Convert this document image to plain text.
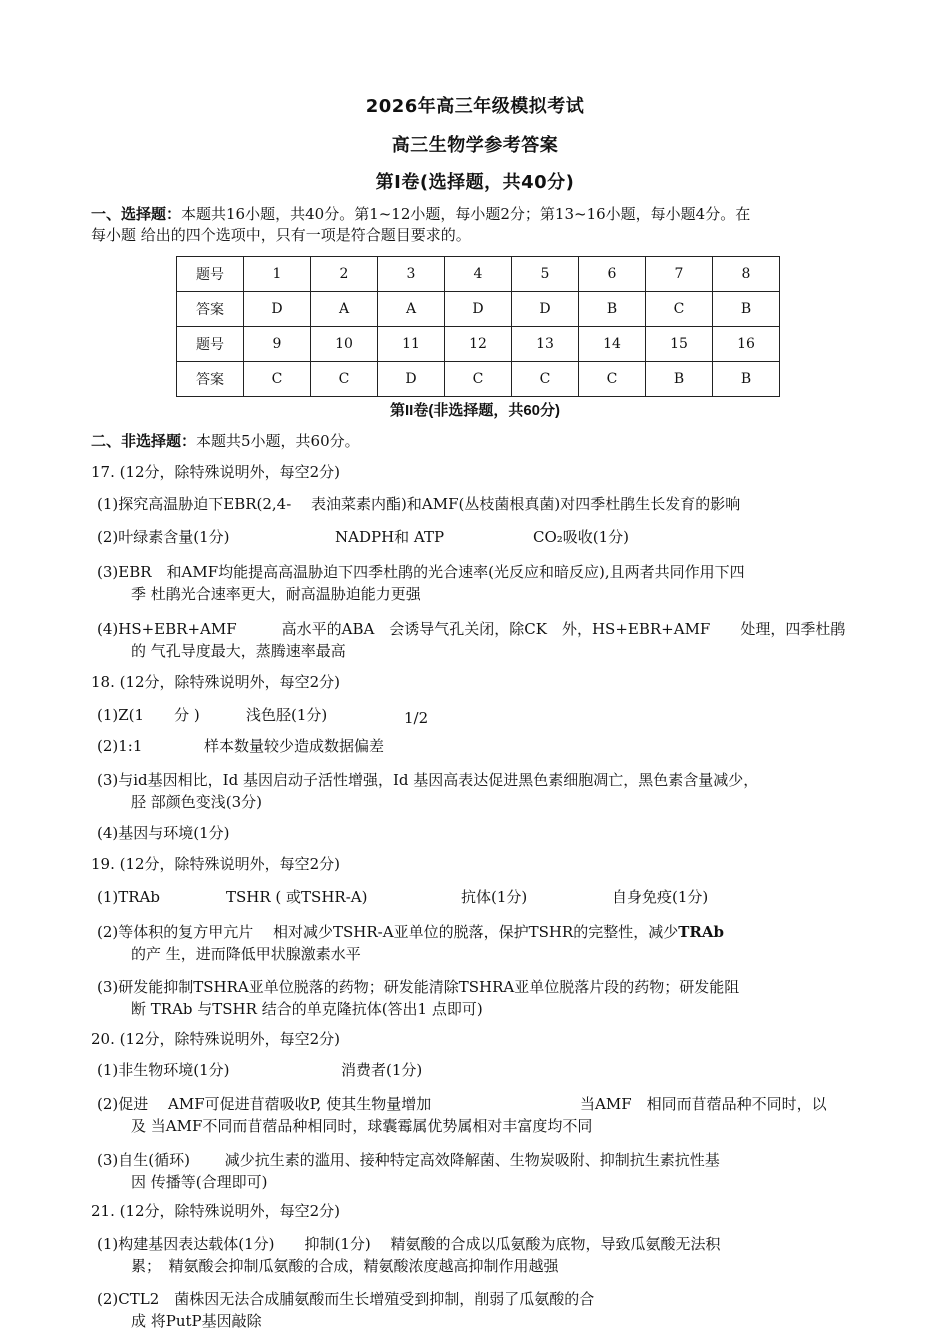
2026年高三年级模拟考试
高三生物学参考答案
第I卷(选择题，共40分)
一、选择题：本题共16小题，共40分。第1~12小题，每小题2分；第13~16小题，每小题4分。在
每小题 给出的四个选项中，只有一项是符合题目要求的。
题号	1	2	3	4	5	6	7	8
答案	D	A	A	D	D	B	C	B
题号	9	10	11	12	13	14	15	16
答案	C	C	D	C	C	C	B	B
第II卷(非选择题，共60分)
二、非选择题：本题共5小题，共60分。
17. (12分，除特殊说明外，每空2分)
(1)探究高温胁迫下EBR(2,4-　 表油菜素内酯)和AMF(丛枝菌根真菌)对四季杜鹃生长发育的影响
(2)叶绿素含量(1分)	NADPH和 ATP	CO₂吸收(1分)
(3)EBR　和AMF均能提高高温胁迫下四季杜鹃的光合速率(光反应和暗反应),且两者共同作用下四
季 杜鹃光合速率更大，耐高温胁迫能力更强
(4)HS+EBR+AMF　　　高水平的ABA　会诱导气孔关闭，除CK　外，HS+EBR+AMF　　处理，四季杜鹃
的 气孔导度最大，蒸腾速率最高
18. (12分，除特殊说明外，每空2分)
(1)Z(1　　分 )	浅色胫(1分)	1/2
(2)1:1	样本数量较少造成数据偏差
(3)与id基因相比，Id 基因启动子活性增强，Id 基因高表达促进黑色素细胞凋亡，黑色素含量减少，
胫 部颜色变浅(3分)
(4)基因与环境(1分)
19. (12分，除特殊说明外，每空2分)
(1)TRAb	TSHR ( 或TSHR-A)	抗体(1分)	自身免疫(1分)
(2)等体积的复方甲亢片　 相对减少TSHR-A亚单位的脱落，保护TSHR的完整性，减少TRAb
的产 生，进而降低甲状腺激素水平
(3)研发能抑制TSHRA亚单位脱落的药物；研发能清除TSHRA亚单位脱落片段的药物；研发能阻
断 TRAb 与TSHR 结合的单克隆抗体(答出1 点即可)
20. (12分，除特殊说明外，每空2分)
(1)非生物环境(1分)	消费者(1分)
(2)促进　 AMF可促进苜蓿吸收P, 使其生物量增加	当AMF　相同而苜蓿品种不同时，以
及 当AMF不同而苜蓿品种相同时，球囊霉属优势属相对丰富度均不同
(3)自生(循环)　　 减少抗生素的滥用、接种特定高效降解菌、生物炭吸附、抑制抗生素抗性基
因 传播等(合理即可)
21. (12分，除特殊说明外，每空2分)
(1)构建基因表达载体(1分)　　抑制(1分)　 精氨酸的合成以瓜氨酸为底物，导致瓜氨酸无法积
累；　精氨酸会抑制瓜氨酸的合成，精氨酸浓度越高抑制作用越强
(2)CTL2　菌株因无法合成脯氨酸而生长增殖受到抑制，削弱了瓜氨酸的合
成 将PutP基因敲除
